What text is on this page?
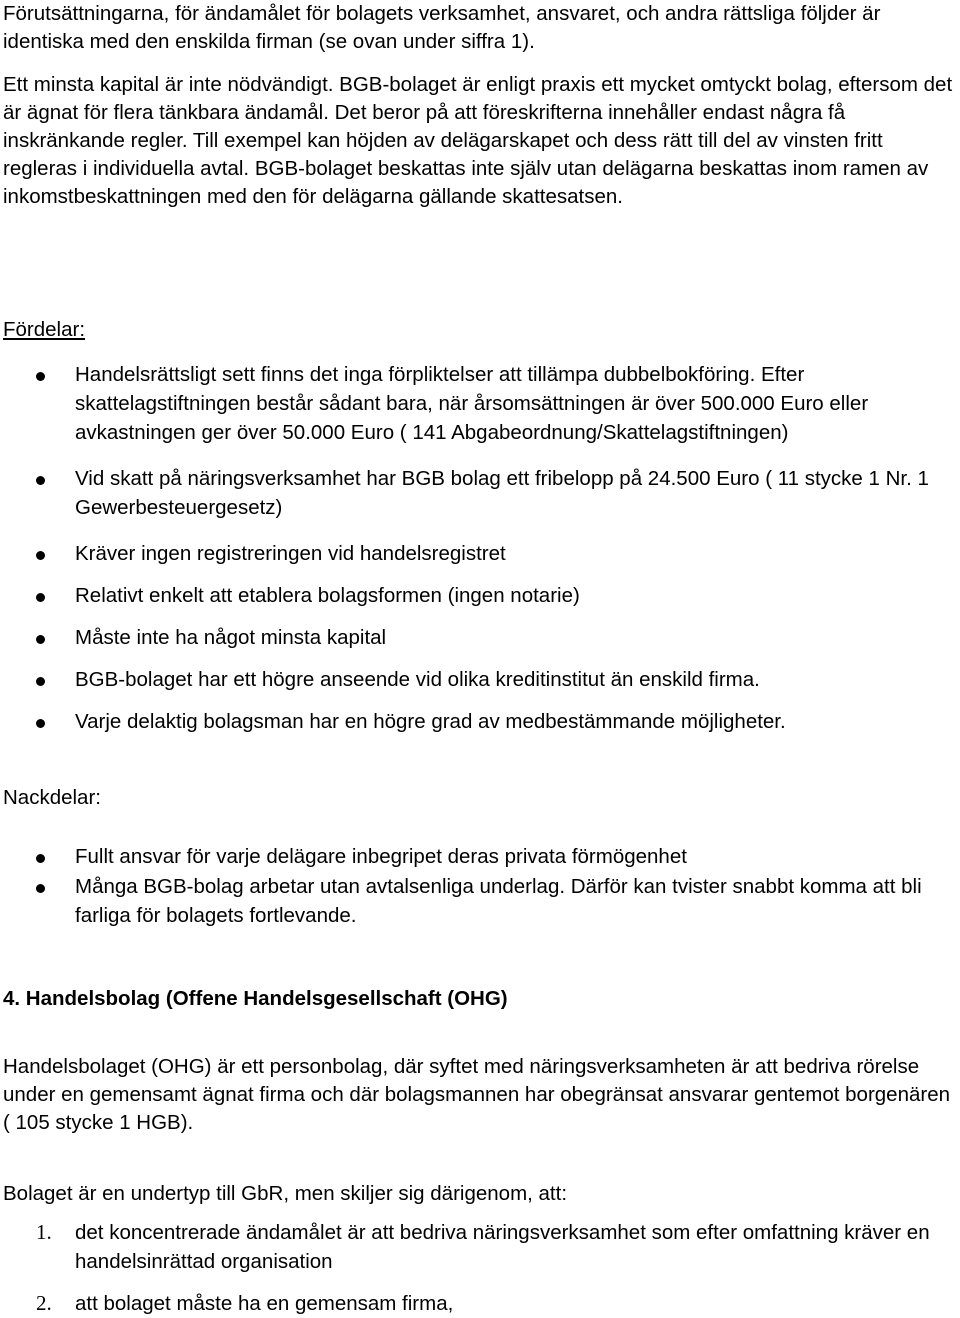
Förutsättningarna, för ändamålet för bolagets verksamhet, ansvaret, och andra rättsliga följder är identiska med den enskilda firman (se ovan under siffra 1).

Ett minsta kapital är inte nödvändigt. BGB-bolaget är enligt praxis ett mycket omtyckt bolag, eftersom det är ägnat för flera tänkbara ändamål. Det beror på att föreskrifterna innehåller endast några få inskränkande regler. Till exempel kan höjden av delägarskapet och dess rätt till del av vinsten fritt regleras i individuella avtal. BGB-bolaget beskattas inte själv utan delägarna beskattas inom ramen av inkomstbeskattningen med den för delägarna gällande skattesatsen.

Fördelar:

Handelsrättsligt sett finns det inga förpliktelser att tillämpa dubbelbokföring. Efter skattelagstiftningen består sådant bara, när årsomsättningen är över 500.000 Euro eller avkastningen ger över 50.000 Euro ( 141 Abgabeordnung/Skattelagstiftningen)
Vid skatt på näringsverksamhet har BGB bolag ett fribelopp på 24.500 Euro ( 11 stycke 1 Nr. 1 Gewerbesteuergesetz)
Kräver ingen registreringen vid handelsregistret
Relativt enkelt att etablera bolagsformen (ingen notarie)
Måste inte ha något minsta kapital
BGB-bolaget har ett högre anseende vid olika kreditinstitut än enskild firma.
Varje delaktig bolagsman har en högre grad av medbestämmande möjligheter.

Nackdelar:

Fullt ansvar för varje delägare inbegripet deras privata förmögenhet
Många BGB-bolag arbetar utan avtalsenliga underlag. Därför kan tvister snabbt komma att bli farliga för bolagets fortlevande.

4. Handelsbolag (Offene Handelsgesellschaft (OHG)

Handelsbolaget (OHG) är ett personbolag, där syftet med näringsverksamheten är att bedriva rörelse under en gemensamt ägnat firma och där bolagsmannen har obegränsat ansvarar gentemot borgenären ( 105 stycke 1 HGB).

Bolaget är en undertyp till GbR, men skiljer sig därigenom, att:

1. det koncentrerade ändamålet är att bedriva näringsverksamhet som efter omfattning kräver en handelsinrättad organisation
2. att bolaget måste ha en gemensam firma,
